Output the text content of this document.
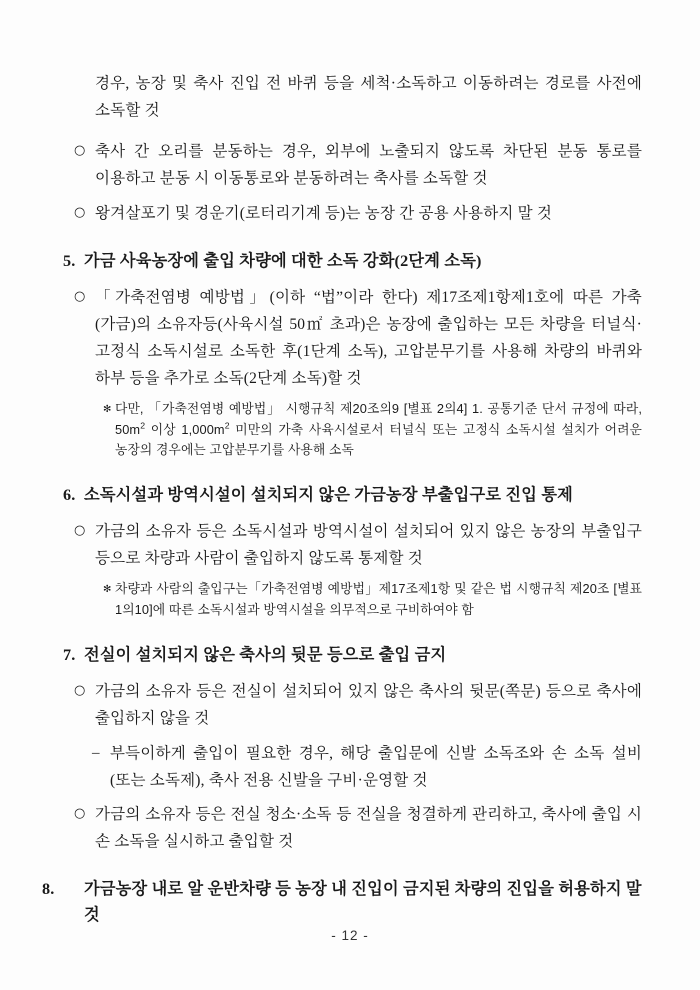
경우, 농장 및 축사 진입 전 바퀴 등을 세척·소독하고 이동하려는 경로를 사전에 소독할 것

○ 축사 간 오리를 분동하는 경우, 외부에 노출되지 않도록 차단된 분동 통로를 이용하고 분동 시 이동통로와 분동하려는 축사를 소독할 것
○ 왕겨살포기 및 경운기(로터리기계 등)는 농장 간 공용 사용하지 말 것
5. 가금 사육농장에 출입 차량에 대한 소독 강화(2단계 소독)
○ 「가축전염병 예방법」(이하 “법”이라 한다) 제17조제1항제1호에 따른 가축(가금)의 소유자등(사육시설 50㎡ 초과)은 농장에 출입하는 모든 차량을 터널식·고정식 소독시설로 소독한 후(1단계 소독), 고압분무기를 사용해 차량의 바퀴와 하부 등을 추가로 소독(2단계 소독)할 것
✻ 다만, 「가축전염병 예방법」 시행규칙 제20조의9 [별표 2의4] 1. 공통기준 단서 규정에 따라, $50m^2$ 이상 $1,000m^2$ 미만의 가축 사육시설로서 터널식 또는 고정식 소독시설 설치가 어려운 농장의 경우에는 고압분무기를 사용해 소독
6. 소독시설과 방역시설이 설치되지 않은 가금농장 부출입구로 진입 통제
○ 가금의 소유자 등은 소독시설과 방역시설이 설치되어 있지 않은 농장의 부출입구 등으로 차량과 사람이 출입하지 않도록 통제할 것
✻ 차량과 사람의 출입구는「가축전염병 예방법」제17조제1항 및 같은 법 시행규칙 제20조 [별표 1의10]에 따른 소독시설과 방역시설을 의무적으로 구비하여야 함
7. 전실이 설치되지 않은 축사의 뒷문 등으로 출입 금지
○ 가금의 소유자 등은 전실이 설치되어 있지 않은 축사의 뒷문(쪽문) 등으로 축사에 출입하지 않을 것
– 부득이하게 출입이 필요한 경우, 해당 출입문에 신발 소독조와 손 소독 설비(또는 소독제), 축사 전용 신발을 구비·운영할 것
○ 가금의 소유자 등은 전실 청소·소독 등 전실을 청결하게 관리하고, 축사에 출입 시 손 소독을 실시하고 출입할 것
8. 가금농장 내로 알 운반차량 등 농장 내 진입이 금지된 차량의 진입을 허용하지 말 것
- 12 -
